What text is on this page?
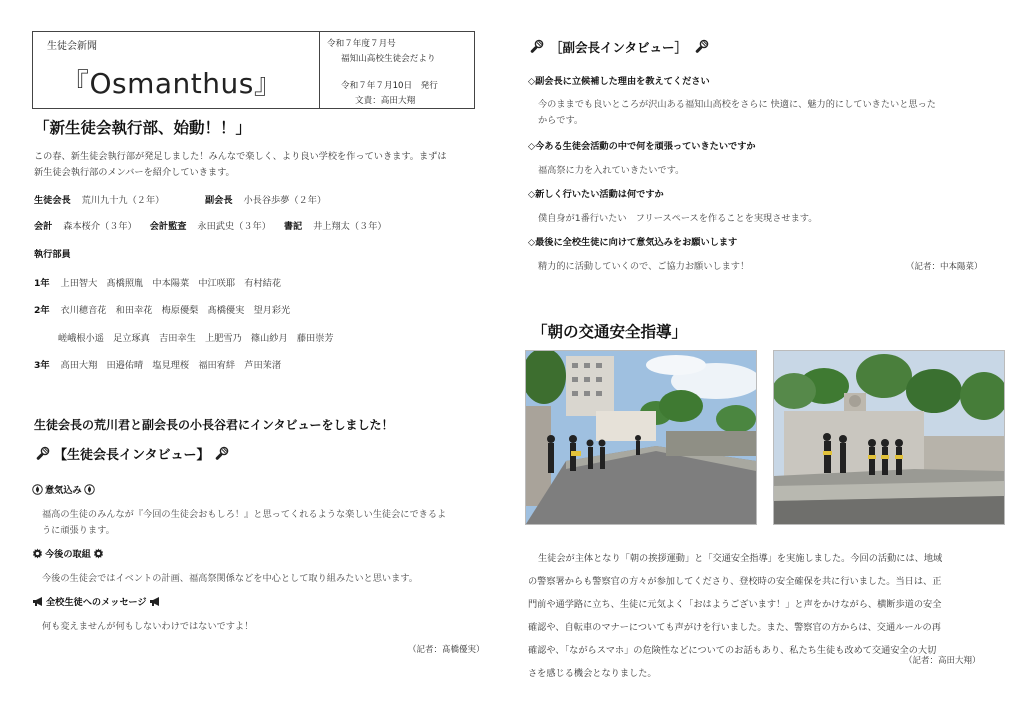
生徒会新聞
『Osmanthus』
令和７年度７月号
福知山高校生徒会だより
令和７年７月10日　発行
文責：高田大翔
「新生徒会執行部、始動！！」
この春、新生徒会執行部が発足しました！みんなで楽しく、より良い学校を作っていきます。まずは
新生徒会執行部のメンバーを紹介していきます。
生徒会長 荒川九十九（２年）	副会長 小長谷歩夢（２年）
会計 森本桜介（３年） 会計監査 永田武史（３年） 書記 井上翔太（３年）
執行部員
1年 上田智大　髙橋照胤　中本陽菜　中江咲耶　有村結花
2年 衣川穂音花　和田幸花　梅原優梨　髙橋優実　望月彩光
嵯峨根小遥　足立琢真　吉田幸生　上肥雪乃　篠山紗月　藤田崇芳
3年 高田大翔　田邉佑晴　塩見理桜　福田宥絆　芦田茉渚
生徒会長の荒川君と副会長の小長谷君にインタビューをしました！
【生徒会長インタビュー】
意気込み
福高の生徒のみんなが『今回の生徒会おもしろ！』と思ってくれるような楽しい生徒会にできるよ
うに頑張ります。
今後の取組
今後の生徒会ではイベントの計画、福高祭関係などを中心として取り組みたいと思います。
全校生徒へのメッセージ
何も変えませんが何もしないわけではないですよ！
（記者：髙橋優実）
［副会長インタビュー］
◇副会長に立候補した理由を教えてください
今のままでも良いところが沢山ある福知山高校をさらに 快適に、魅力的にしていきたいと思った
からです。
◇今ある生徒会活動の中で何を頑張っていきたいですか
福高祭に力を入れていきたいです。
◇新しく行いたい活動は何ですか
僕自身が1番行いたい　フリースペースを作ることを実現させます。
◇最後に全校生徒に向けて意気込みをお願いします
精力的に活動していくので、ご協力お願いします！	（記者：中本陽菜）
「朝の交通安全指導」
生徒会が主体となり「朝の挨拶運動」と「交通安全指導」を実施しました。今回の活動には、地域
の警察署からも警察官の方々が参加してくださり、登校時の安全確保を共に行いました。当日は、正
門前や通学路に立ち、生徒に元気よく「おはようございます！」と声をかけながら、横断歩道の安全
確認や、自転車のマナーについても声がけを行いました。また、警察官の方からは、交通ルールの再
確認や、「ながらスマホ」の危険性などについてのお話もあり、私たち生徒も改めて交通安全の大切
さを感じる機会となりました。
（記者：高田大翔）
